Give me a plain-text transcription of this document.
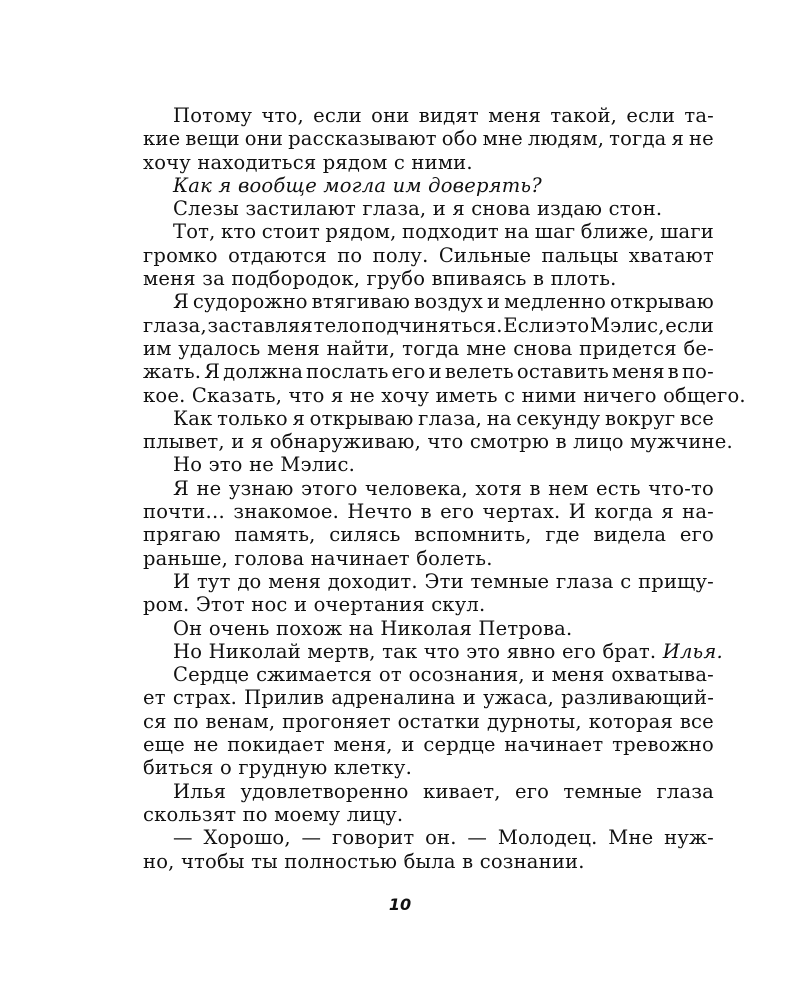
Потому что, если они видят меня такой, если та-
кие вещи они рассказывают обо мне людям, тогда я не
хочу находиться рядом с ними.
Как я вообще могла им доверять?
Слезы застилают глаза, и я снова издаю стон.
Тот, кто стоит рядом, подходит на шаг ближе, шаги
громко отдаются по полу. Сильные пальцы хватают
меня за подбородок, грубо впиваясь в плоть.
Я судорожно втягиваю воздух и медленно открываю
глаза, заставляя тело подчиняться. Если это Мэлис, если
им удалось меня найти, тогда мне снова придется бе-
жать. Я должна послать его и велеть оставить меня в по-
кое. Сказать, что я не хочу иметь с ними ничего общего.
Как только я открываю глаза, на секунду вокруг все
плывет, и я обнаруживаю, что смотрю в лицо мужчине.
Но это не Мэлис.
Я не узнаю этого человека, хотя в нем есть что-то
почти… знакомое. Нечто в его чертах. И когда я на-
прягаю память, силясь вспомнить, где видела его
раньше, голова начинает болеть.
И тут до меня доходит. Эти темные глаза с прищу-
ром. Этот нос и очертания скул.
Он очень похож на Николая Петрова.
Но Николай мертв, так что это явно его брат. Илья.
Сердце сжимается от осознания, и меня охватыва-
ет страх. Прилив адреналина и ужаса, разливающий-
ся по венам, прогоняет остатки дурноты, которая все
еще не покидает меня, и сердце начинает тревожно
биться о грудную клетку.
Илья удовлетворенно кивает, его темные глаза
скользят по моему лицу.
— Хорошо, — говорит он. — Молодец. Мне нуж-
но, чтобы ты полностью была в сознании.
10
